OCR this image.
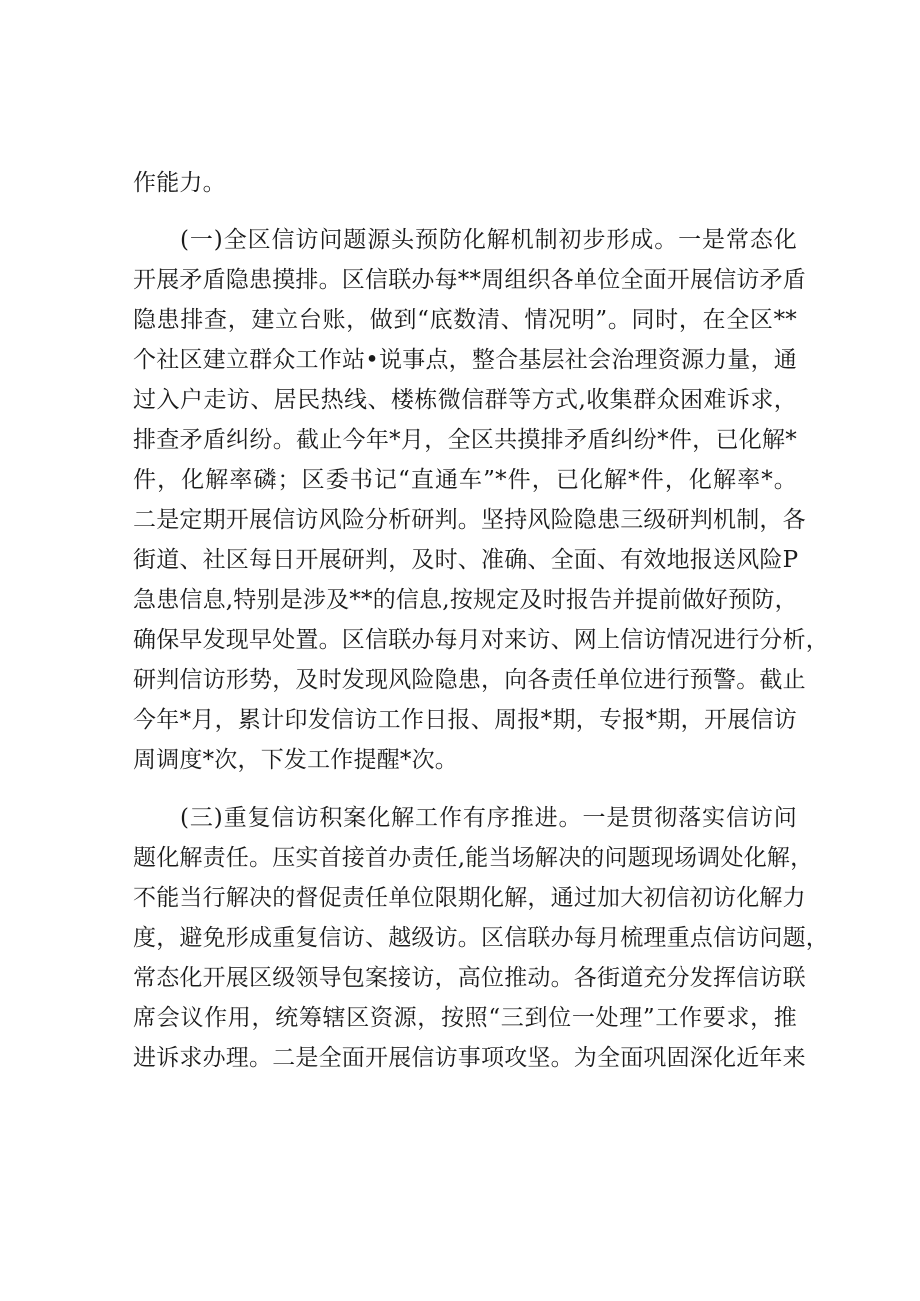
作能力。
(一)全区信访问题源头预防化解机制初步形成。一是常态化
开展矛盾隐患摸排。区信联办每**周组织各单位全面开展信访矛盾
隐患排查，建立台账，做到“底数清、情况明”。同时，在全区**
个社区建立群众工作站•说事点，整合基层社会治理资源力量，通
过入户走访、居民热线、楼栋微信群等方式,收集群众困难诉求，
排查矛盾纠纷。截止今年*月，全区共摸排矛盾纠纷*件，已化解*
件，化解率磷；区委书记“直通车”*件，已化解*件，化解率*。
二是定期开展信访风险分析研判。坚持风险隐患三级研判机制，各
街道、社区每日开展研判，及时、准确、全面、有效地报送风险P
急患信息,特别是涉及**的信息,按规定及时报告并提前做好预防，
确保早发现早处置。区信联办每月对来访、网上信访情况进行分析，
研判信访形势，及时发现风险隐患，向各责任单位进行预警。截止
今年*月，累计印发信访工作日报、周报*期，专报*期，开展信访
周调度*次，下发工作提醒*次。
(三)重复信访积案化解工作有序推进。一是贯彻落实信访问
题化解责任。压实首接首办责任,能当场解决的问题现场调处化解，
不能当行解决的督促责任单位限期化解，通过加大初信初访化解力
度，避免形成重复信访、越级访。区信联办每月梳理重点信访问题，
常态化开展区级领导包案接访，高位推动。各街道充分发挥信访联
席会议作用，统筹辖区资源，按照“三到位一处理”工作要求，推
进诉求办理。二是全面开展信访事项攻坚。为全面巩固深化近年来
